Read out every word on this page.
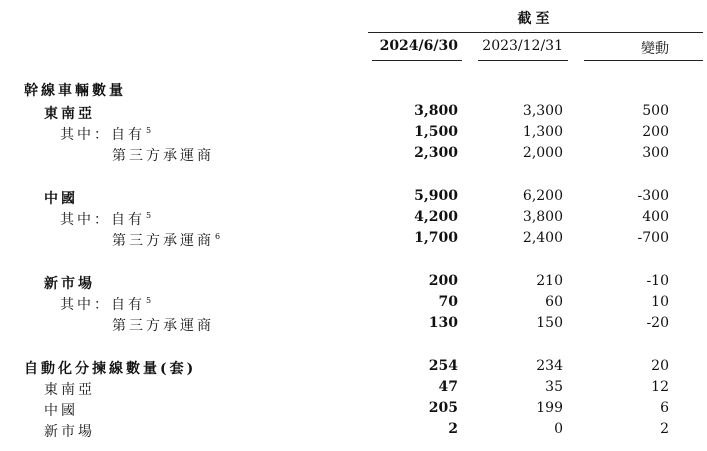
截至
2024/6/30	2023/12/31	變動
幹線車輛數量
東南亞	3,800	3,300	500
其中：自有$^5$	1,500	1,300	200
第三方承運商	2,300	2,000	300
中國	5,900	6,200	-300
其中：自有$^5$	4,200	3,800	400
第三方承運商$^6$	1,700	2,400	-700
新市場	200	210	-10
其中：自有$^5$	70	60	10
第三方承運商	130	150	-20
自動化分揀線數量(套)	254	234	20
東南亞	47	35	12
中國	205	199	6
新市場	2	0	2
